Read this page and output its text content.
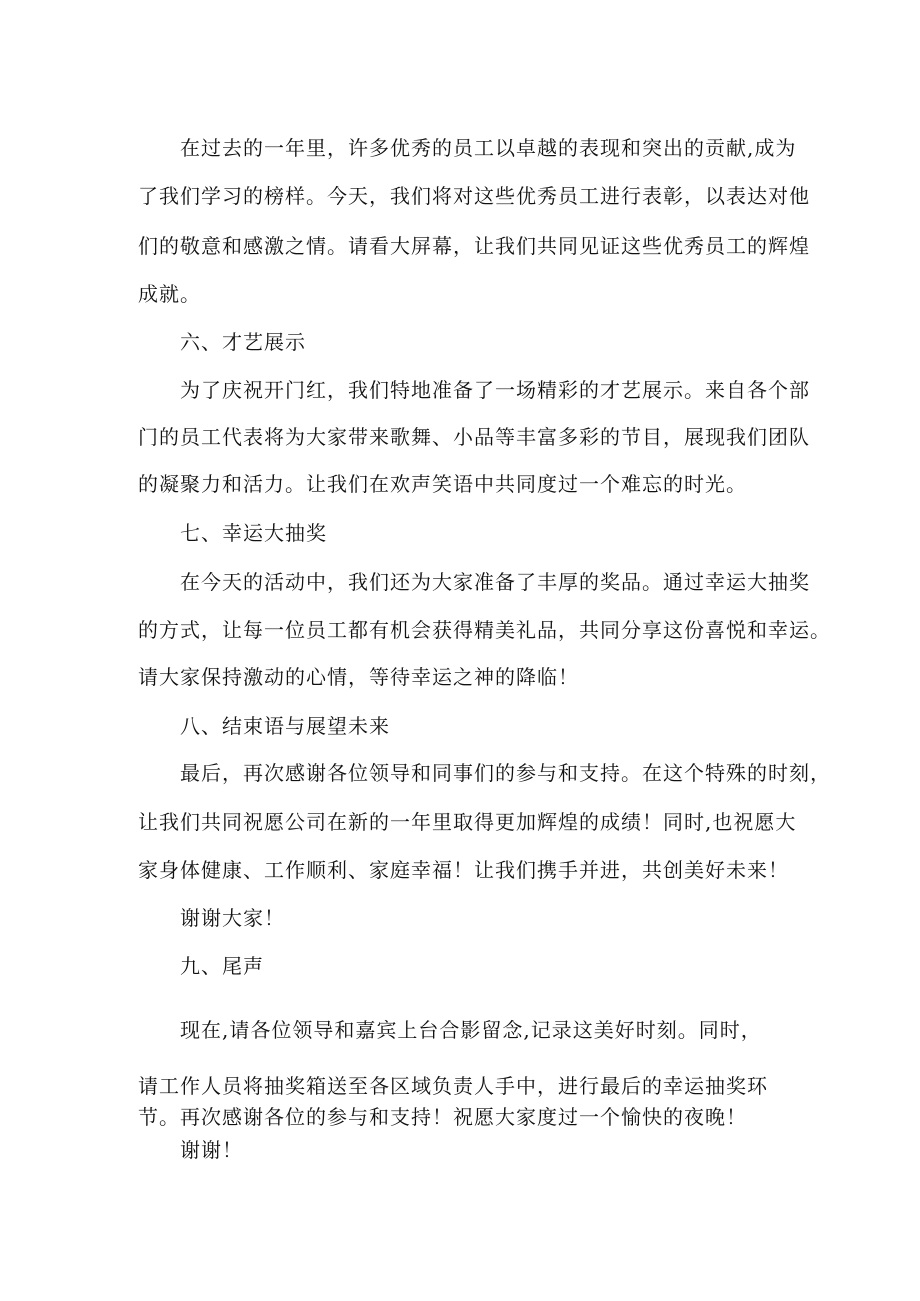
在过去的一年里，许多优秀的员工以卓越的表现和突出的贡献,成为
了我们学习的榜样。今天，我们将对这些优秀员工进行表彰，以表达对他
们的敬意和感激之情。请看大屏幕，让我们共同见证这些优秀员工的辉煌
成就。
六、才艺展示
为了庆祝开门红，我们特地准备了一场精彩的才艺展示。来自各个部
门的员工代表将为大家带来歌舞、小品等丰富多彩的节目，展现我们团队
的凝聚力和活力。让我们在欢声笑语中共同度过一个难忘的时光。
七、幸运大抽奖
在今天的活动中，我们还为大家准备了丰厚的奖品。通过幸运大抽奖
的方式，让每一位员工都有机会获得精美礼品，共同分享这份喜悦和幸运。
请大家保持激动的心情，等待幸运之神的降临！
八、结束语与展望未来
最后，再次感谢各位领导和同事们的参与和支持。在这个特殊的时刻，
让我们共同祝愿公司在新的一年里取得更加辉煌的成绩！同时,也祝愿大
家身体健康、工作顺利、家庭幸福！让我们携手并进，共创美好未来！
谢谢大家！
九、尾声
现在,请各位领导和嘉宾上台合影留念,记录这美好时刻。同时，
请工作人员将抽奖箱送至各区域负责人手中，进行最后的幸运抽奖环
节。再次感谢各位的参与和支持！祝愿大家度过一个愉快的夜晚！
谢谢！
